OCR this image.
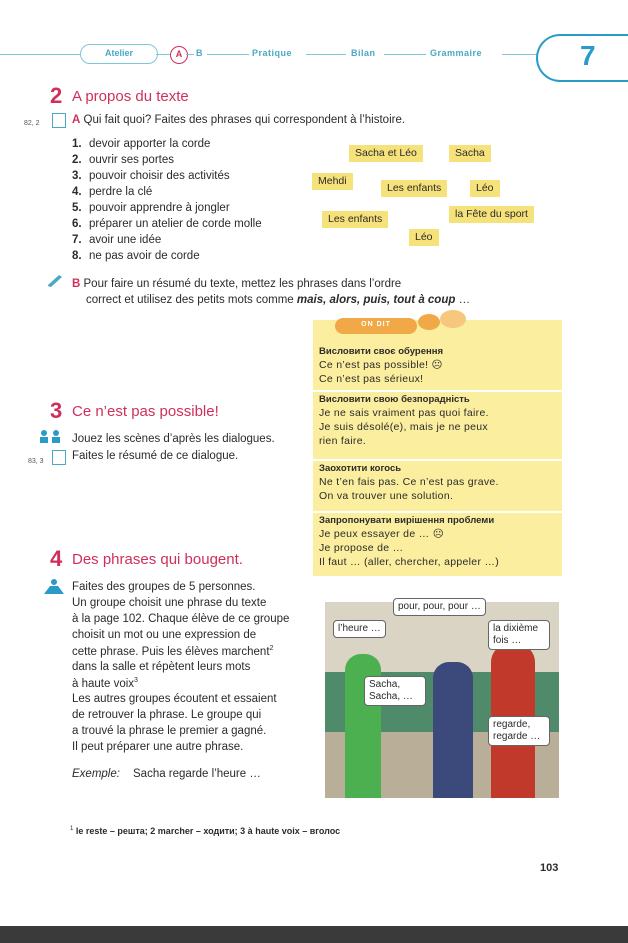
Atelier	A	B	Pratique	Bilan	Grammaire	7
2 A propos du texte
82, 2	A Qui fait quoi? Faites des phrases qui correspondent à l’histoire.
1. devoir apporter la corde
2. ouvrir ses portes
3. pouvoir choisir des activités
4. perdre la clé
5. pouvoir apprendre à jongler
6. préparer un atelier de corde molle
7. avoir une idée
8. ne pas avoir de corde
Sacha et Léo	Sacha
Mehdi
Les enfants	Léo
la Fête du sport
Les enfants
Léo
B Pour faire un résumé du texte, mettez les phrases dans l’ordre
correct et utilisez des petits mots comme mais, alors, puis, tout à coup …
ON DIT
Висловити своє обурення
Ce n’est pas possible! ☹
Ce n’est pas sérieux!
Висловити свою безпорадність
Je ne sais vraiment pas quoi faire.
Je suis désolé(e), mais je ne peux
rien faire.
Заохотити когось
Ne t’en fais pas. Ce n’est pas grave.
On va trouver une solution.
Запропонувати вирішення проблеми
Je peux essayer de … ☹
Je propose de …
Il faut … (aller, chercher, appeler …)
3 Ce n’est pas possible!
Jouez les scènes d’après les dialogues.
83, 3 Faites le résumé de ce dialogue.
4 Des phrases qui bougent.
Faites des groupes de 5 personnes.
Un groupe choisit une phrase du texte
à la page 102. Chaque élève de ce groupe
choisit un mot ou une expression de
cette phrase. Puis les élèves marchent$^2$
dans la salle et répètent leurs mots
à haute voix$^3$
Les autres groupes écoutent et essaient
de retrouver la phrase. Le groupe qui
a trouvé la phrase le premier a gagné.
Il peut préparer une autre phrase.
Exemple: Sacha regarde l’heure …
pour, pour, pour …
l’heure …	la dixième fois …
Sacha, Sacha, …
regarde, regarde …
$^1$ le reste – решта; 2 marcher – ходити; 3 à haute voix – вголос
103
